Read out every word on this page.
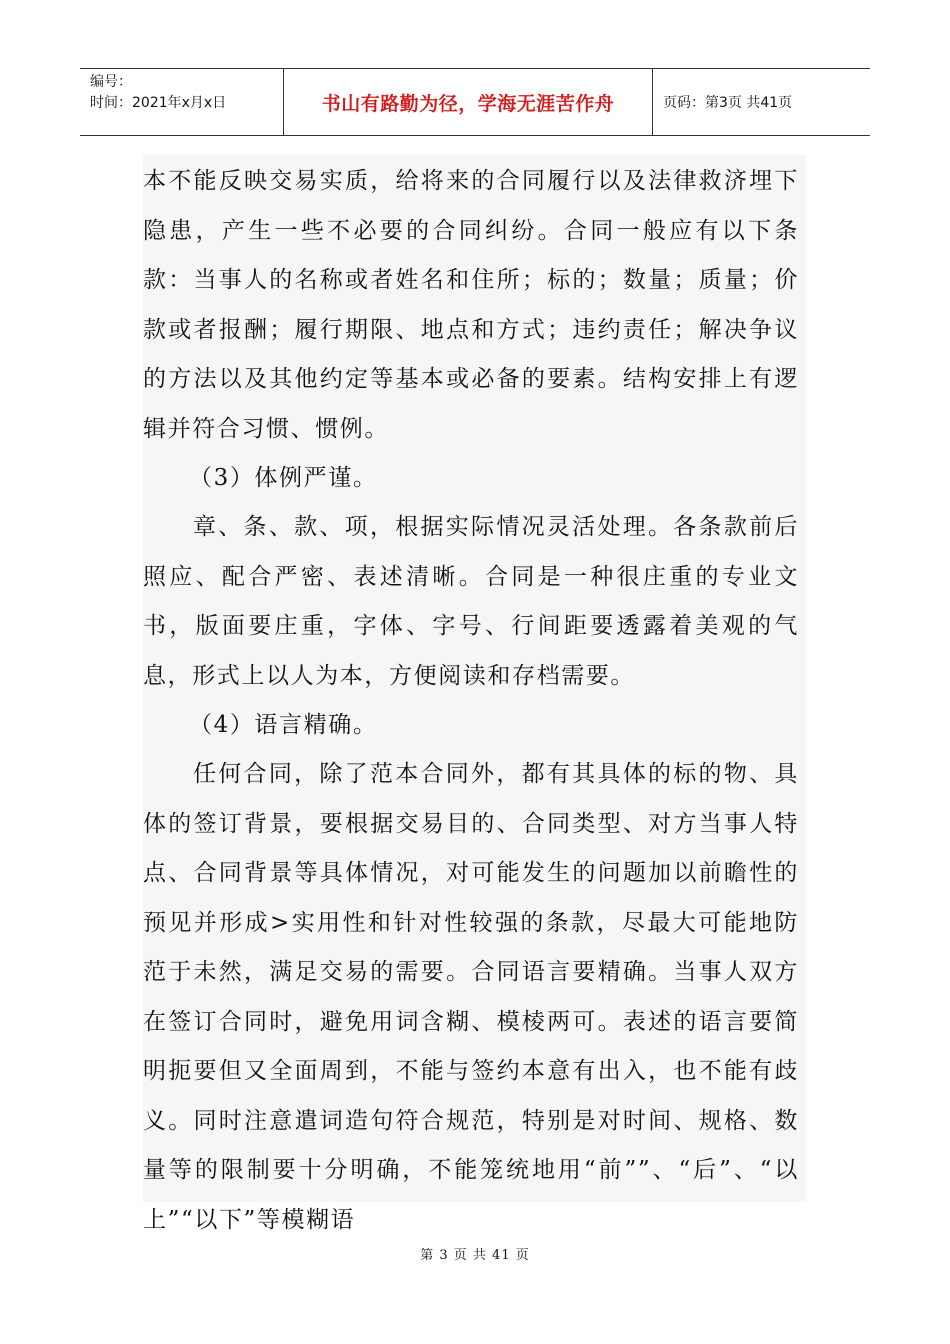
编号：
时间：2021年x月x日	书山有路勤为径，学海无涯苦作舟	页码：第3页 共41页
本不能反映交易实质，给将来的合同履行以及法律救济埋下隐患，产生一些不必要的合同纠纷。合同一般应有以下条款：当事人的名称或者姓名和住所；标的；数量；质量；价款或者报酬；履行期限、地点和方式；违约责任；解决争议的方法以及其他约定等基本或必备的要素。结构安排上有逻辑并符合习惯、惯例。
（3）体例严谨。
章、条、款、项，根据实际情况灵活处理。各条款前后照应、配合严密、表述清晰。合同是一种很庄重的专业文书，版面要庄重，字体、字号、行间距要透露着美观的气息，形式上以人为本，方便阅读和存档需要。
（4）语言精确。
任何合同，除了范本合同外，都有其具体的标的物、具体的签订背景，要根据交易目的、合同类型、对方当事人特点、合同背景等具体情况，对可能发生的问题加以前瞻性的预见并形成>实用性和针对性较强的条款，尽最大可能地防范于未然，满足交易的需要。合同语言要精确。当事人双方在签订合同时，避免用词含糊、模棱两可。表述的语言要简明扼要但又全面周到，不能与签约本意有出入，也不能有歧义。同时注意遣词造句符合规范，特别是对时间、规格、数量等的限制要十分明确，不能笼统地用“前””、“后”、“以上”“以下”等模糊语
第 3 页 共 41 页
